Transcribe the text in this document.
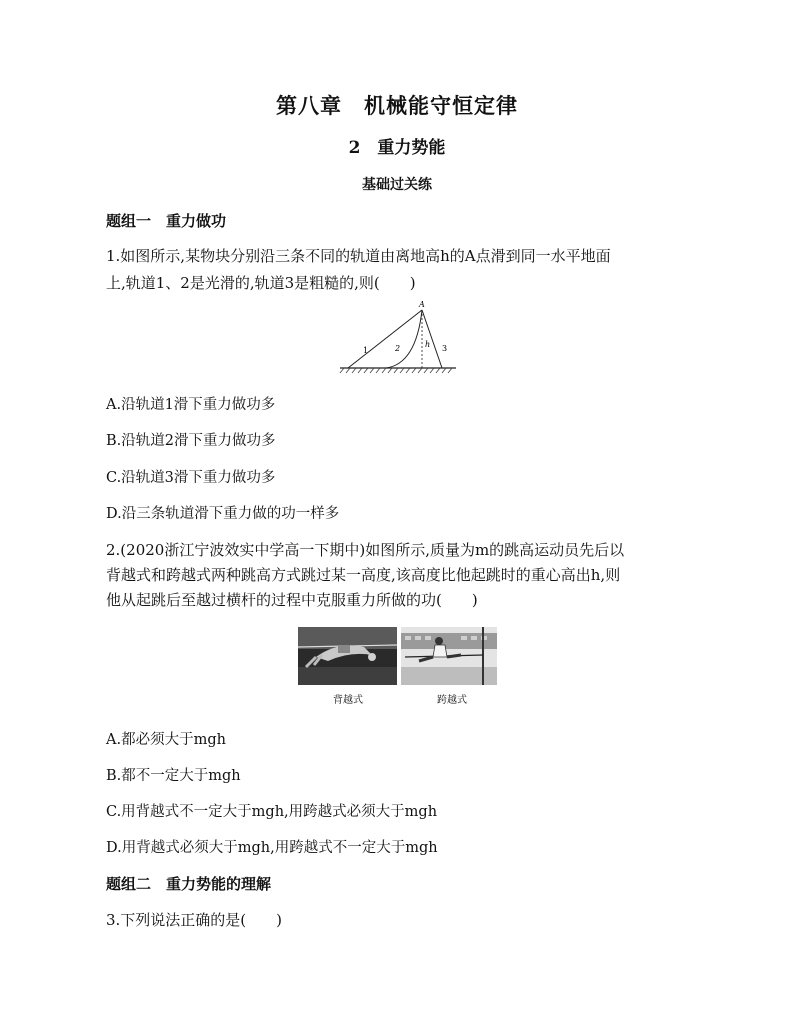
第八章　机械能守恒定律
2　重力势能
基础过关练
题组一　重力做功
1.如图所示,某物块分别沿三条不同的轨道由离地高h的A点滑到同一水平地面
上,轨道1、2是光滑的,轨道3是粗糙的,则(　　)
A
1	2	h 3
A.沿轨道1滑下重力做功多
B.沿轨道2滑下重力做功多
C.沿轨道3滑下重力做功多
D.沿三条轨道滑下重力做的功一样多
2.(2020浙江宁波效实中学高一下期中)如图所示,质量为m的跳高运动员先后以
背越式和跨越式两种跳高方式跳过某一高度,该高度比他起跳时的重心高出h,则
他从起跳后至越过横杆的过程中克服重力所做的功(　　)
背越式	跨越式
A.都必须大于mgh
B.都不一定大于mgh
C.用背越式不一定大于mgh,用跨越式必须大于mgh
D.用背越式必须大于mgh,用跨越式不一定大于mgh
题组二　重力势能的理解
3.下列说法正确的是(　　)
